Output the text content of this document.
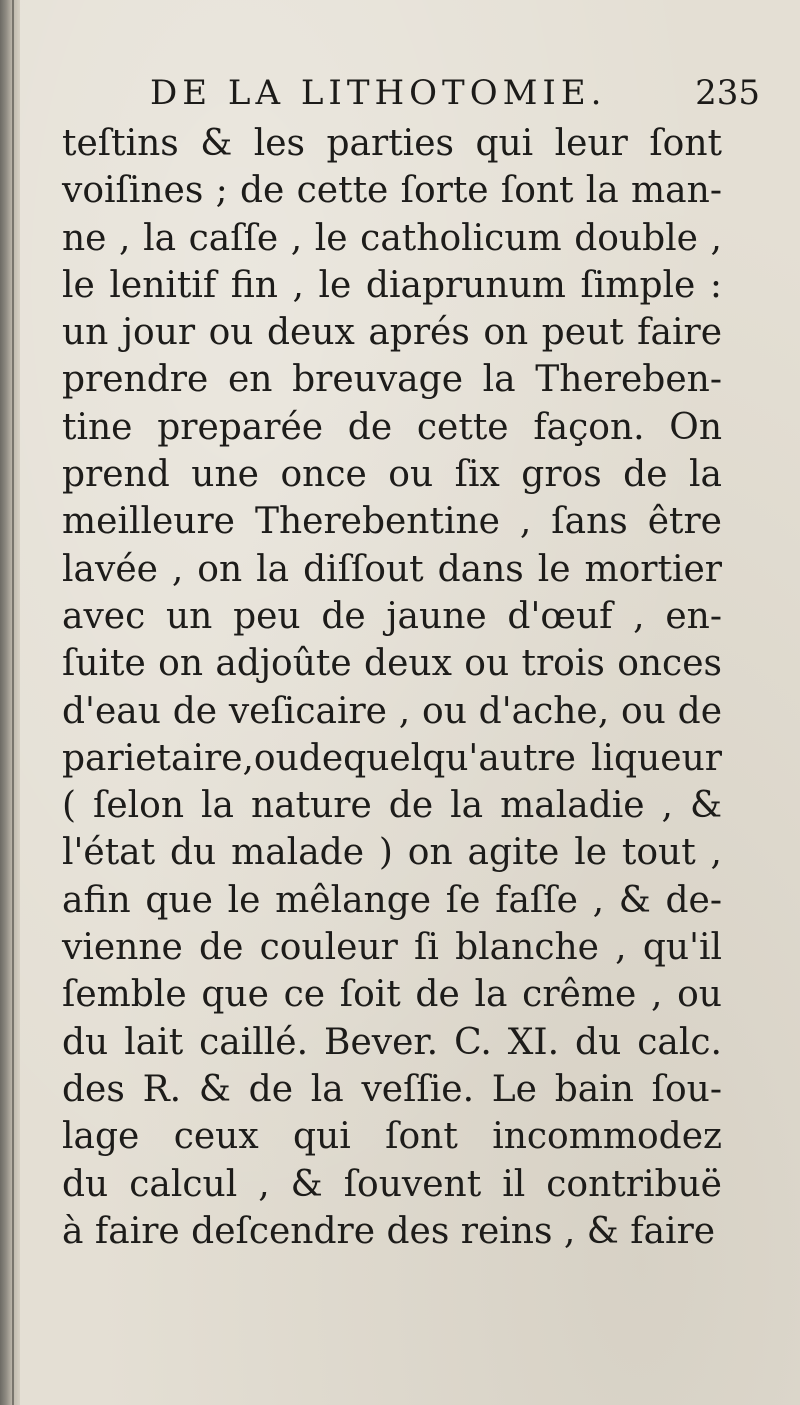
DE LA LITHOTOMIE.	235
teſtins & les parties qui leur ſont
voiſines ; de cette ſorte ſont la man-
ne , la caſſe , le catholicum double ,
le lenitif fin , le diaprunum ſimple :
un jour ou deux aprés on peut faire
prendre en breuvage la Thereben-
tine preparée de cette façon. On
prend une once ou ſix gros de la
meilleure Therebentine , ſans être
lavée , on la diſſout dans le mortier
avec un peu de jaune d'œuf , en-
ſuite on adjoûte deux ou trois onces
d'eau de veſicaire , ou d'ache, ou de
parietaire,oudequelqu'autre liqueur
( ſelon la nature de la maladie , &
l'état du malade ) on agite le tout ,
afin que le mêlange ſe faſſe , & de-
vienne de couleur ſi blanche , qu'il
ſemble que ce ſoit de la crême , ou
du lait caillé. Bever. C. XI. du calc.
des R. & de la veſſie. Le bain ſou-
lage ceux qui ſont incommodez
du calcul , & ſouvent il contribuë
à faire deſcendre des reins , & faire
